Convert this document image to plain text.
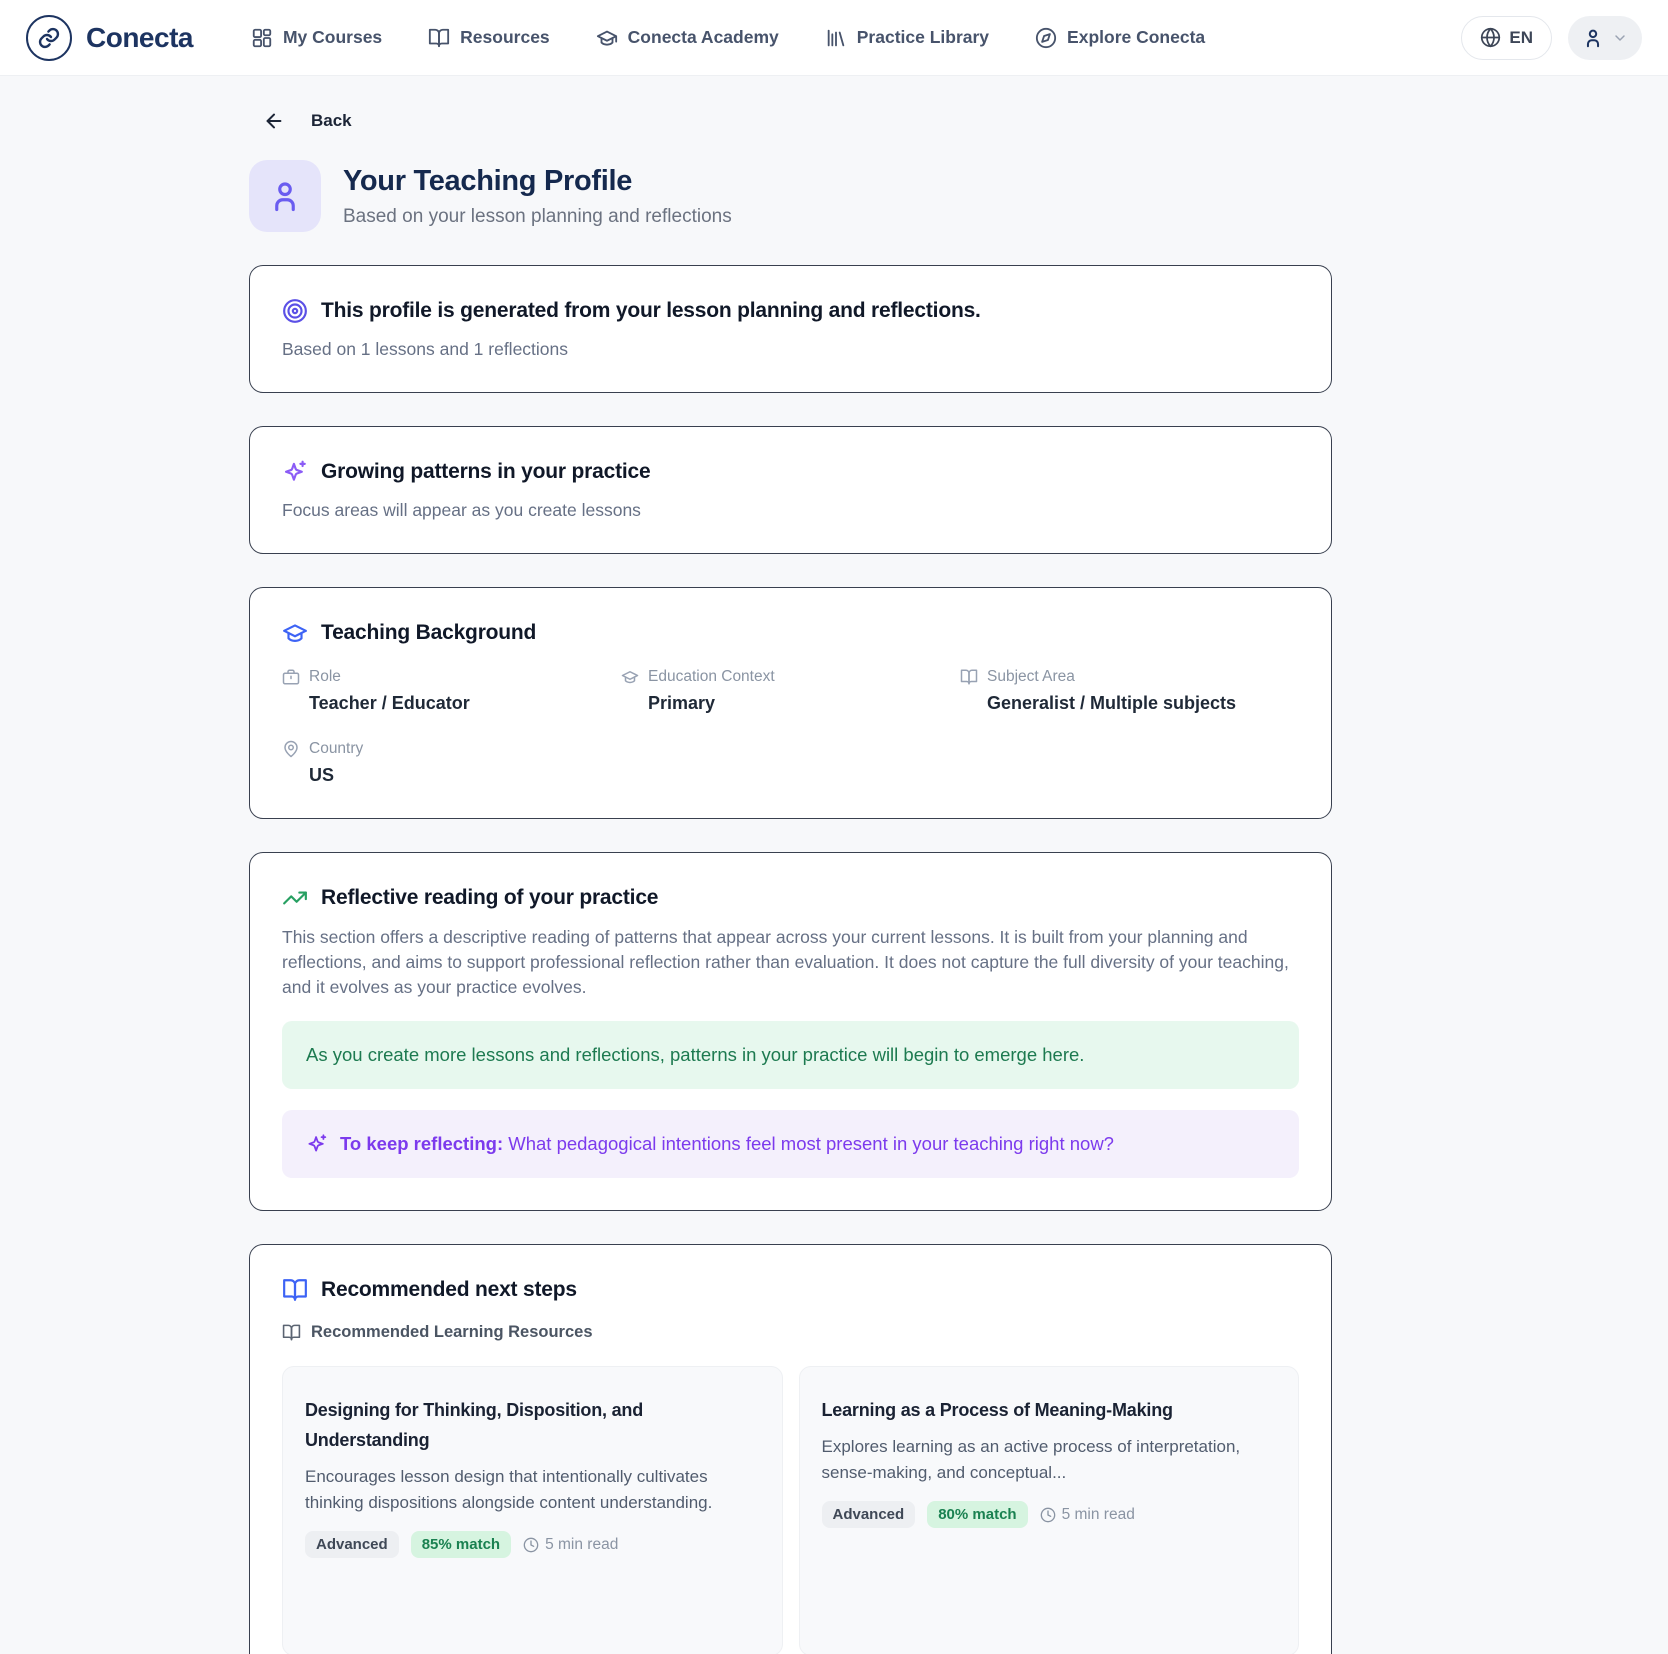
Conecta	My Courses	Resources	Conecta Academy	Practice Library	Explore Conecta	EN
Back
Your Teaching Profile
Based on your lesson planning and reflections
This profile is generated from your lesson planning and reflections.

Based on 1 lessons and 1 reflections

Growing patterns in your practice

Focus areas will appear as you create lessons

Teaching Background
Role
Teacher / Educator
Education Context
Primary
Subject Area
Generalist / Multiple subjects
Country
US
Reflective reading of your practice

This section offers a descriptive reading of patterns that appear across your current lessons. It is built from your planning and reflections, and aims to support professional reflection rather than evaluation. It does not capture the full diversity of your teaching, and it evolves as your practice evolves.

As you create more lessons and reflections, patterns in your practice will begin to emerge here.
To keep reflecting: What pedagogical intentions feel most present in your teaching right now?
Recommended next steps
Recommended Learning Resources
Designing for Thinking, Disposition, and Understanding
Encourages lesson design that intentionally cultivates thinking dispositions alongside content understanding.
Advanced	85% match	5 min read
Learning as a Process of Meaning-Making
Explores learning as an active process of interpretation, sense-making, and conceptual...
Advanced	80% match	5 min read
